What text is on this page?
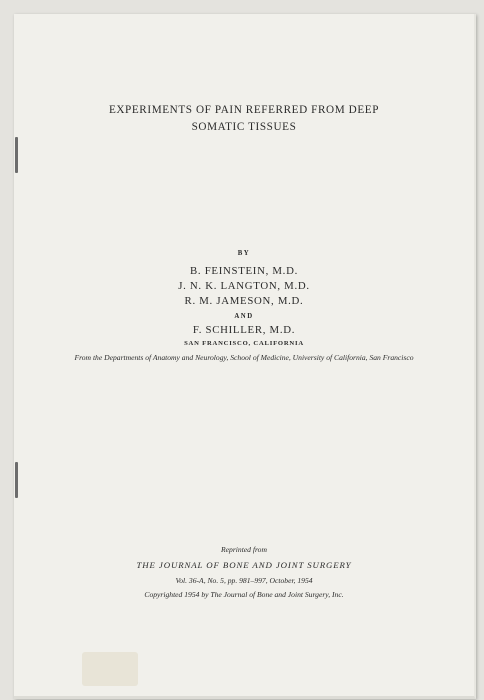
EXPERIMENTS OF PAIN REFERRED FROM DEEP
SOMATIC TISSUES
BY
B. FEINSTEIN, M.D.
J. N. K. LANGTON, M.D.
R. M. JAMESON, M.D.
AND
F. SCHILLER, M.D.
SAN FRANCISCO, CALIFORNIA
From the Departments of Anatomy and Neurology, School of Medicine, University of California, San Francisco
Reprinted from
THE JOURNAL OF BONE AND JOINT SURGERY
Vol. 36-A, No. 5, pp. 981–997, October, 1954
Copyrighted 1954 by The Journal of Bone and Joint Surgery, Inc.
